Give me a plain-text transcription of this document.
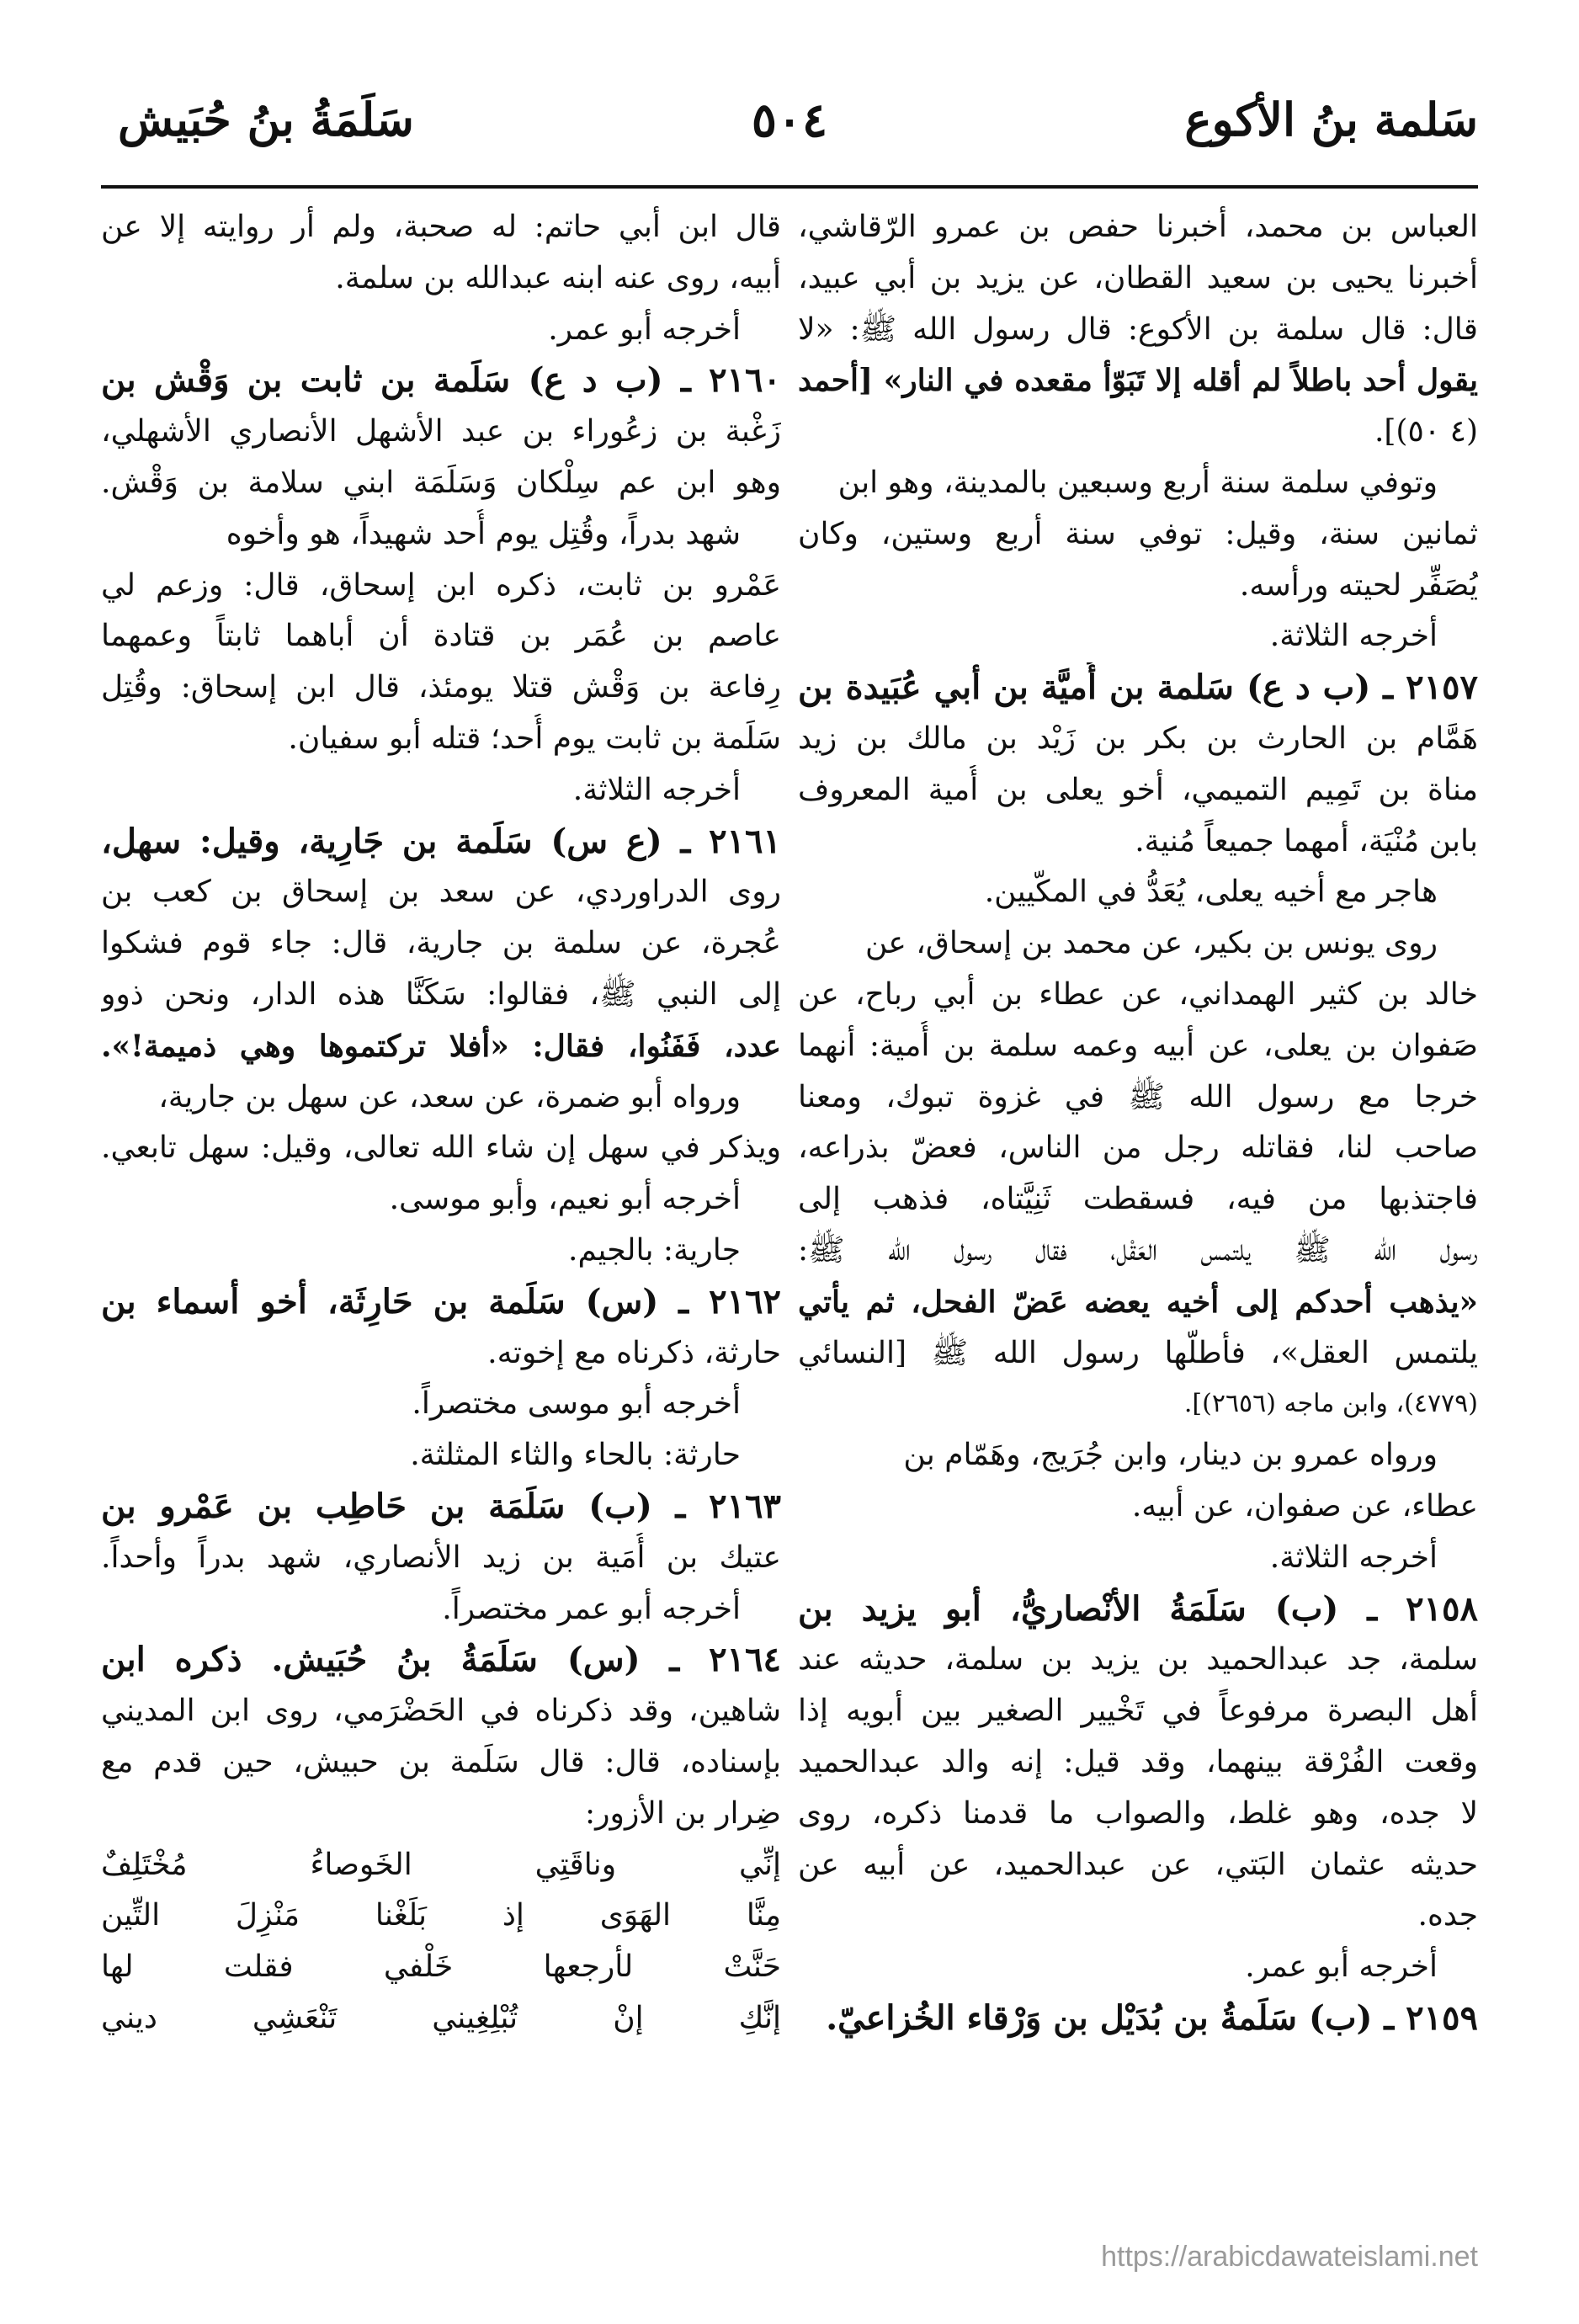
سَلمة بنُ الأكوع
٥٠٤
سَلَمَةُ بنُ حُبَيش
العباس بن محمد، أخبرنا حفص بن عمرو الرّقاشي،
أخبرنا يحيى بن سعيد القطان، عن يزيد بن أبي عبيد،
قال: قال سلمة بن الأكوع: قال رسول الله ﷺ: «لا
يقول أحد باطلاً لم أقله إلا تَبَوّأ مقعده في النار» [أحمد
(٤ ٥٠)].
وتوفي سلمة سنة أربع وسبعين بالمدينة، وهو ابن
ثمانين سنة، وقيل: توفي سنة أربع وستين، وكان
يُصَفِّر لحيته ورأسه.
أخرجه الثلاثة.
٢١٥٧ ـ (ب د ع) سَلمة بن أُميَّة بن أبي عُبَيدة بن
هَمَّام بن الحارث بن بكر بن زَيْد بن مالك بن زيد
مناة بن تَمِيم التميمي، أخو يعلى بن أُمية المعروف
بابن مُنْيَة، أمهما جميعاً مُنية.
هاجر مع أخيه يعلى، يُعَدُّ في المكّيين.
روى يونس بن بكير، عن محمد بن إسحاق، عن
خالد بن كثير الهمداني، عن عطاء بن أبي رباح، عن
صَفوان بن يعلى، عن أبيه وعمه سلمة بن أُمية: أنهما
خرجا مع رسول الله ﷺ في غزوة تبوك، ومعنا
صاحب لنا، فقاتله رجل من الناس، فعضّ بذراعه،
فاجتذبها من فيه، فسقطت ثَنِيَّتاه، فذهب إلى
رسول الله ﷺ يلتمس العَقْل، فقال رسول الله ﷺ:
«يذهب أحدكم إلى أخيه يعضه عَضّ الفحل، ثم يأتي
يلتمس العقل»، فأطلّها رسول الله ﷺ [النسائي
(٤٧٧٩)، وابن ماجه (٢٦٥٦)].
ورواه عمرو بن دينار، وابن جُرَيج، وهَمّام بن
عطاء، عن صفوان، عن أبيه.
أخرجه الثلاثة.
٢١٥٨ ـ (ب) سَلَمَةُ الأنْصاريُّ، أبو يزيد بن
سلمة، جد عبدالحميد بن يزيد بن سلمة، حديثه عند
أهل البصرة مرفوعاً في تَخْيير الصغير بين أبويه إذا
وقعت الفُرْقة بينهما، وقد قيل: إنه والد عبدالحميد
لا جده، وهو غلط، والصواب ما قدمنا ذكره، روى
حديثه عثمان البَتي، عن عبدالحميد، عن أبيه عن
جده.
أخرجه أبو عمر.
٢١٥٩ ـ (ب) سَلَمةُ بن بُدَيْل بن وَرْقاء الخُزاعيّ.
قال ابن أبي حاتم: له صحبة، ولم أر روايته إلا عن
أبيه، روى عنه ابنه عبدالله بن سلمة.
أخرجه أبو عمر.
٢١٦٠ ـ (ب د ع) سَلَمة بن ثابت بن وَقْش بن
زَغْبة بن زعُوراء بن عبد الأشهل الأنصاري الأشهلي،
وهو ابن عم سِلْكان وَسَلَمَة ابني سلامة بن وَقْش.
شهد بدراً، وقُتِل يوم أُحد شهيداً، هو وأخوه
عَمْرو بن ثابت، ذكره ابن إسحاق، قال: وزعم لي
عاصم بن عُمَر بن قتادة أن أباهما ثابتاً وعمهما
رِفاعة بن وَقْش قتلا يومئذ، قال ابن إسحاق: وقُتِل
سَلَمة بن ثابت يوم أُحد؛ قتله أبو سفيان.
أخرجه الثلاثة.
٢١٦١ ـ (ع س) سَلَمة بن جَارِية، وقيل: سهل،
روى الدراوردي، عن سعد بن إسحاق بن كعب بن
عُجرة، عن سلمة بن جارية، قال: جاء قوم فشكوا
إلى النبي ﷺ، فقالوا: سَكَنَّا هذه الدار، ونحن ذوو
عدد، فَفَنُوا، فقال: «أفلا تركتموها وهي ذميمة!».
ورواه أبو ضمرة، عن سعد، عن سهل بن جارية،
ويذكر في سهل إن شاء الله تعالى، وقيل: سهل تابعي.
أخرجه أبو نعيم، وأبو موسى.
جارية: بالجيم.
٢١٦٢ ـ (س) سَلَمة بن حَارِثَة، أخو أسماء بن
حارثة، ذكرناه مع إخوته.
أخرجه أبو موسى مختصراً.
حارثة: بالحاء والثاء المثلثة.
٢١٦٣ ـ (ب) سَلَمَة بن حَاطِب بن عَمْرو بن
عتيك بن أُمَية بن زيد الأنصاري، شهد بدراً وأحداً.
أخرجه أبو عمر مختصراً.
٢١٦٤ ـ (س) سَلَمَةُ بنُ حُبَيش. ذكره ابن
شاهين، وقد ذكرناه في الحَضْرَمي، روى ابن المديني
بإسناده، قال: قال سَلَمة بن حبيش، حين قدم مع
ضِرار بن الأزور:
إنِّي وناقَتِي الخَوصاءُ مُخْتَلِفٌ
مِنَّا الهَوَى إذ بَلَغْنا مَنْزِلَ التِّين
حَنَّتْ لأرجعها خَلْفي فقلت لها
إنَّكِ إنْ تُبْلِغِيني تَنْعَشِي ديني
https://arabicdawateislami.net
